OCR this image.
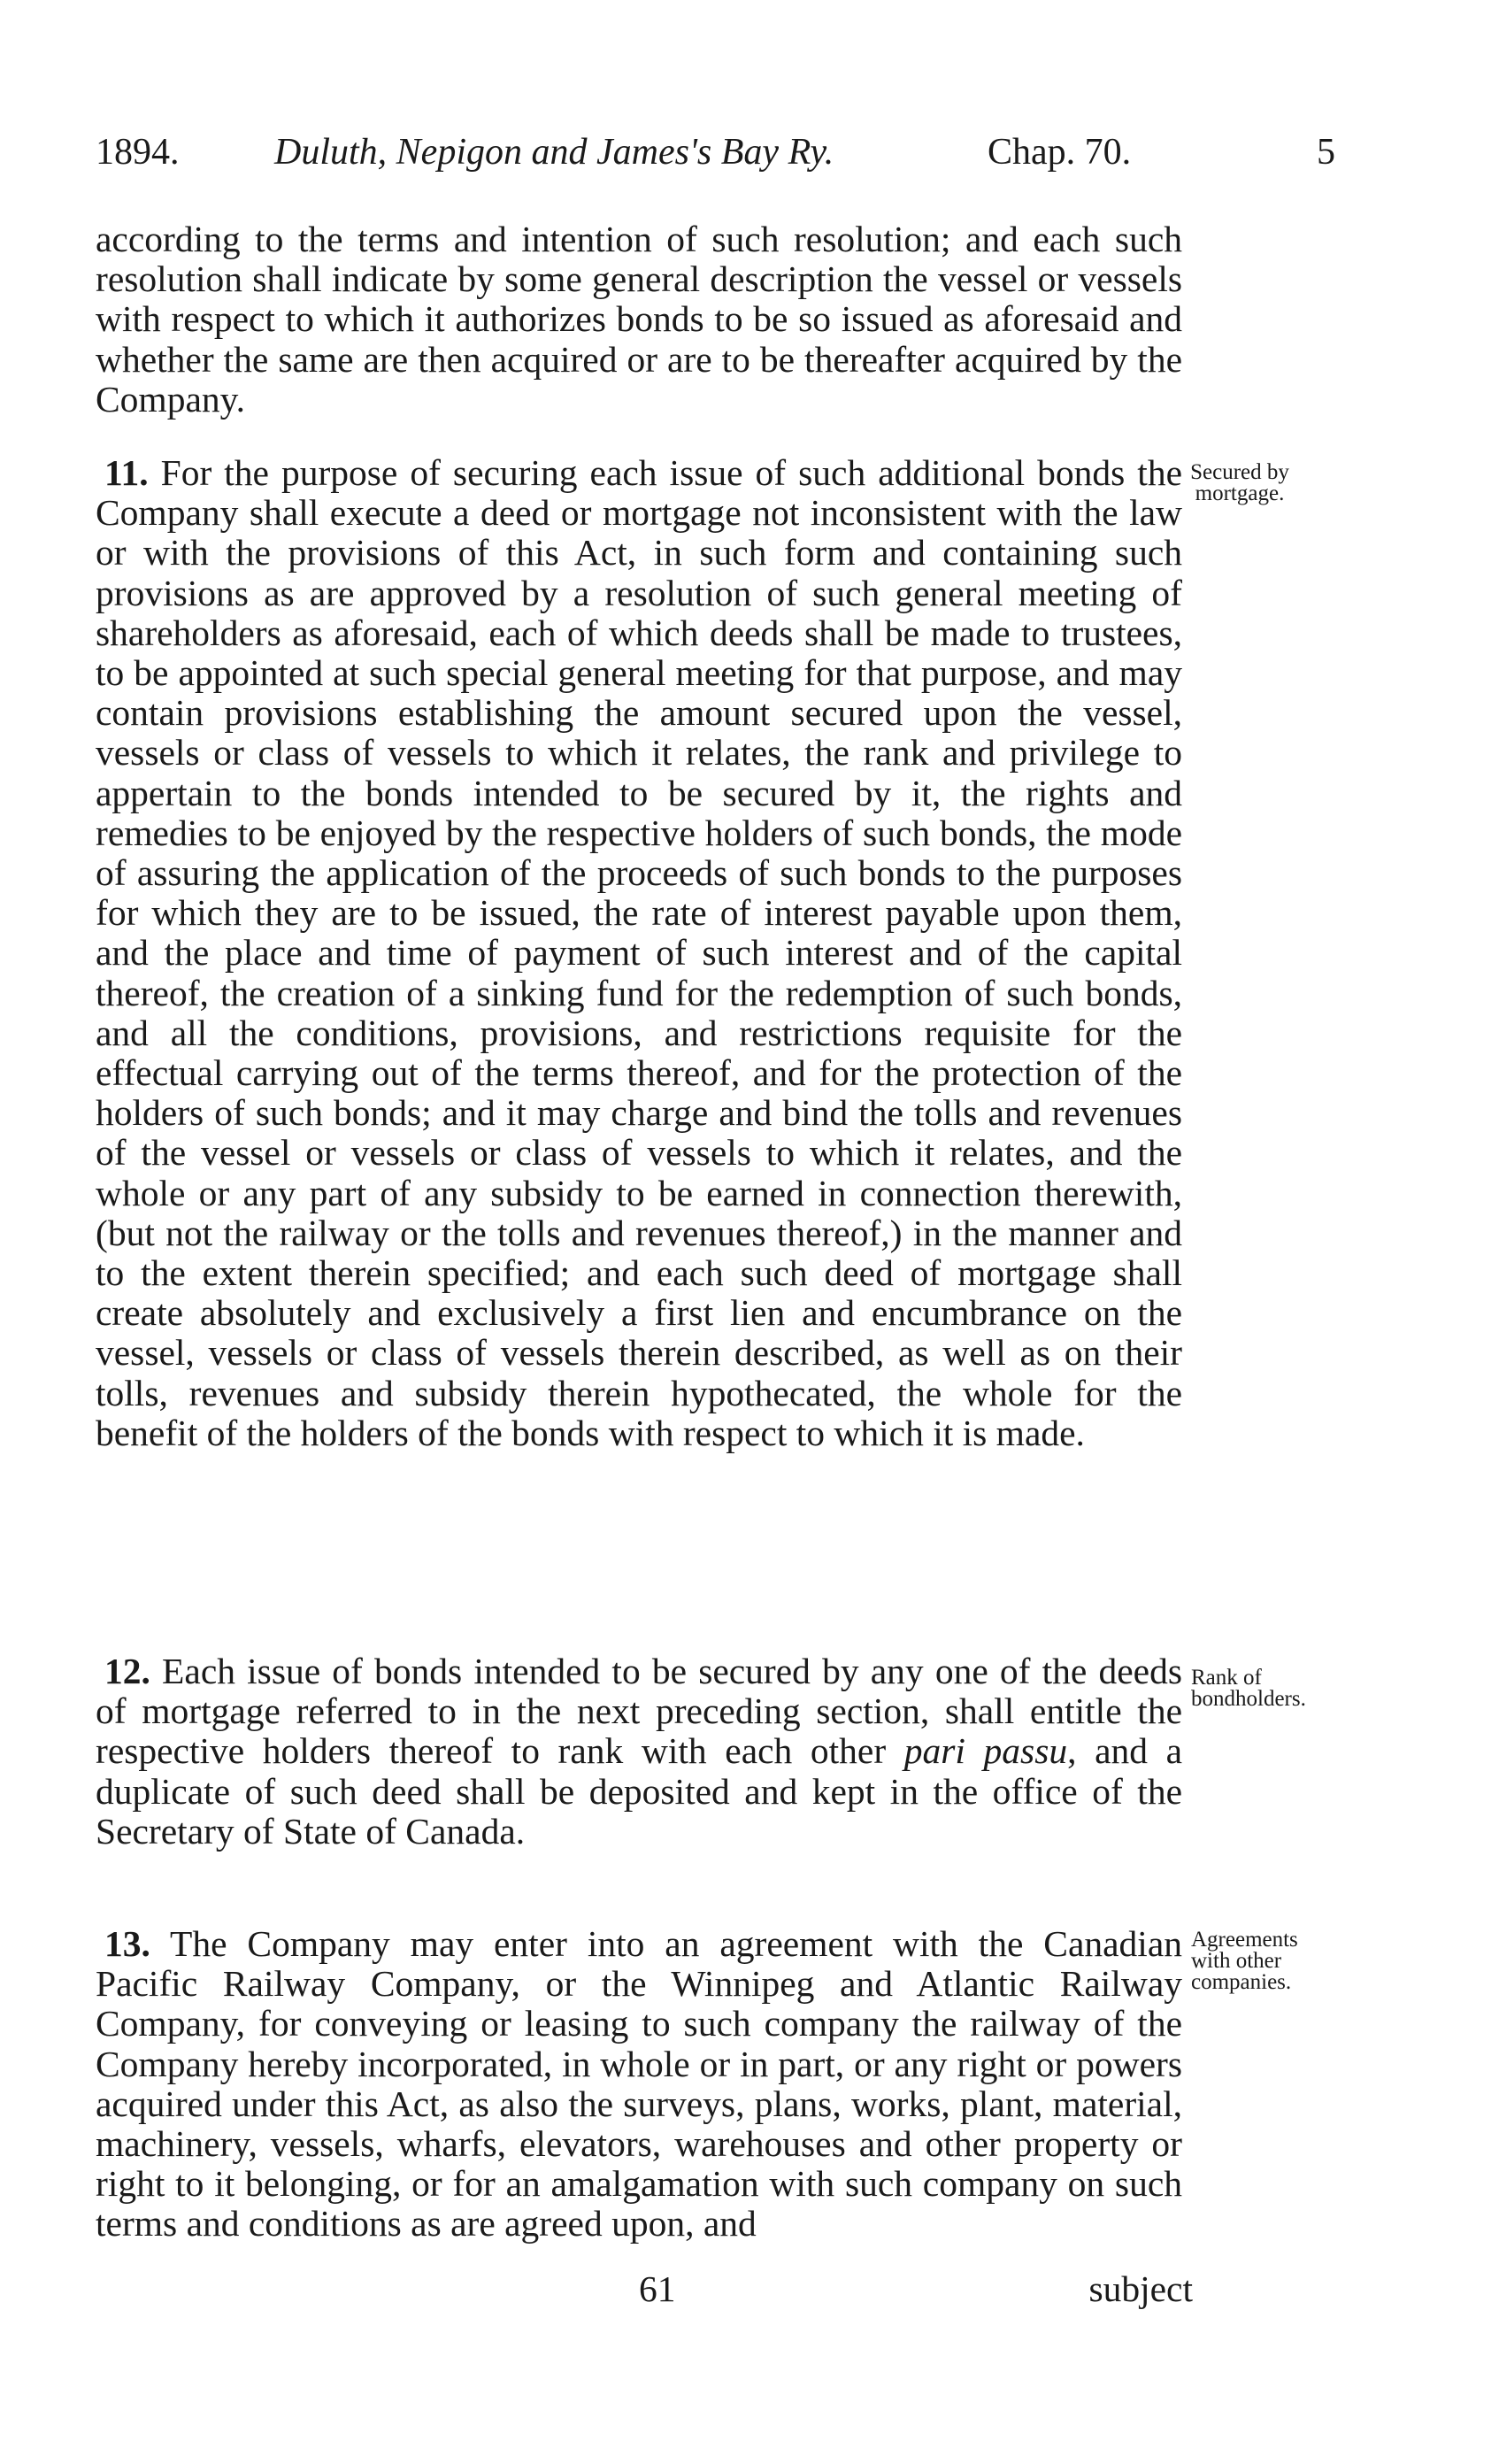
1894.	Duluth, Nepigon and James's Bay Ry.	Chap. 70.	5

according to the terms and intention of such resolution; and each such resolution shall indicate by some general description the vessel or vessels with respect to which it authorizes bonds to be so issued as aforesaid and whether the same are then acquired or are to be thereafter acquired by the Company.

11. For the purpose of securing each issue of such additional bonds the Company shall execute a deed or mortgage not inconsistent with the law or with the provisions of this Act, in such form and containing such provisions as are approved by a resolution of such general meeting of shareholders as aforesaid, each of which deeds shall be made to trustees, to be appointed at such special general meeting for that purpose, and may contain provisions establishing the amount secured upon the vessel, vessels or class of vessels to which it relates, the rank and privilege to appertain to the bonds intended to be secured by it, the rights and remedies to be enjoyed by the respective holders of such bonds, the mode of assuring the application of the proceeds of such bonds to the purposes for which they are to be issued, the rate of interest payable upon them, and the place and time of payment of such interest and of the capital thereof, the creation of a sinking fund for the redemption of such bonds, and all the conditions, provisions, and restrictions requisite for the effectual carrying out of the terms thereof, and for the protection of the holders of such bonds; and it may charge and bind the tolls and revenues of the vessel or vessels or class of vessels to which it relates, and the whole or any part of any subsidy to be earned in connection therewith, (but not the railway or the tolls and revenues thereof,) in the manner and to the extent therein specified; and each such deed of mortgage shall create absolutely and exclusively a first lien and encumbrance on the vessel, vessels or class of vessels therein described, as well as on their tolls, revenues and subsidy therein hypothecated, the whole for the benefit of the holders of the bonds with respect to which it is made.

Secured by mortgage.

12. Each issue of bonds intended to be secured by any one of the deeds of mortgage referred to in the next preceding section, shall entitle the respective holders thereof to rank with each other pari passu, and a duplicate of such deed shall be deposited and kept in the office of the Secretary of State of Canada.

Rank of bondholders.

13. The Company may enter into an agreement with the Canadian Pacific Railway Company, or the Winnipeg and Atlantic Railway Company, for conveying or leasing to such company the railway of the Company hereby incorporated, in whole or in part, or any right or powers acquired under this Act, as also the surveys, plans, works, plant, material, machinery, vessels, wharfs, elevators, warehouses and other property or right to it belonging, or for an amalgamation with such company on such terms and conditions as are agreed upon, and

Agreements with other companies.
61	subject
